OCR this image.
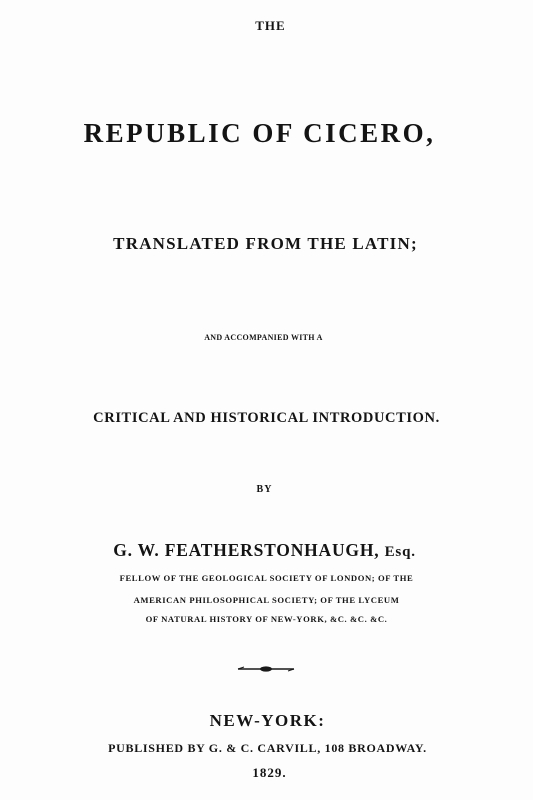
THE
REPUBLIC OF CICERO,
TRANSLATED FROM THE LATIN;
AND ACCOMPANIED WITH A
CRITICAL AND HISTORICAL INTRODUCTION.
BY
G. W. FEATHERSTONHAUGH, Esq.
FELLOW OF THE GEOLOGICAL SOCIETY OF LONDON; OF THE
AMERICAN PHILOSOPHICAL SOCIETY; OF THE LYCEUM
OF NATURAL HISTORY OF NEW-YORK, &C. &C. &C.
NEW-YORK:
PUBLISHED BY G. & C. CARVILL, 108 BROADWAY.
1829.
